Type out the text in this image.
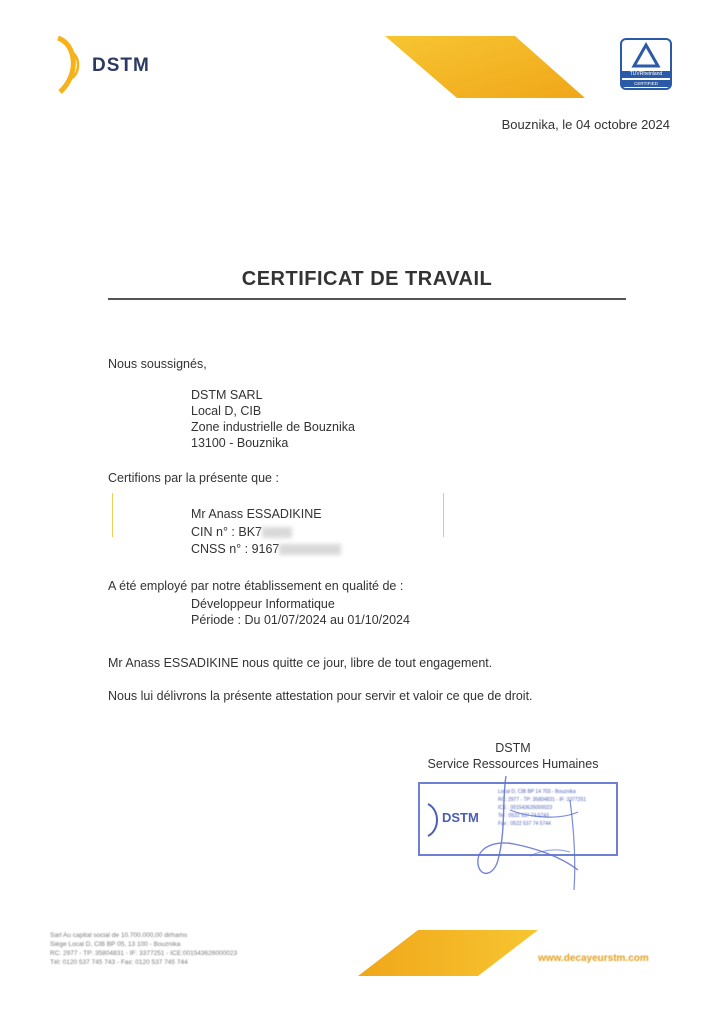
DSTM	TÜVRheinland
CERTIFIED
Bouznika, le 04 octobre 2024
CERTIFICAT DE TRAVAIL
Nous soussignés,
DSTM SARL
Local D, CIB
Zone industrielle de Bouznika
13100 - Bouznika
Certifions par la présente que :
Mr Anass ESSADIKINE
CIN n° : BK7
CNSS n° : 9167
A été employé par notre établissement en qualité de :
Développeur Informatique
Période : Du 01/07/2024 au 01/10/2024
Mr Anass ESSADIKINE nous quitte ce jour, libre de tout engagement.
Nous lui délivrons la présente attestation pour servir et valoir ce que de droit.
DSTM
Service Ressources Humaines
DSTM
Local D, CIB BP 14 703 - Bouznika
RC: 2977 - TP: 35804831 - IF: 3377251
ICE : 001543626000023
Tel : 0522 537 74 5743
Fax : 0522 537 74 5744
Sarl Au capital social de 10.700.000,00 dirhams
Siège Local D, CIB BP 05, 13 100 - Bouznika
RC: 2977 - TP: 35804831 - IF: 3377251 - ICE:001543626000023
Tél: 0120 537 745 743 - Fax: 0120 537 745 744	www.decayeurstm.com
